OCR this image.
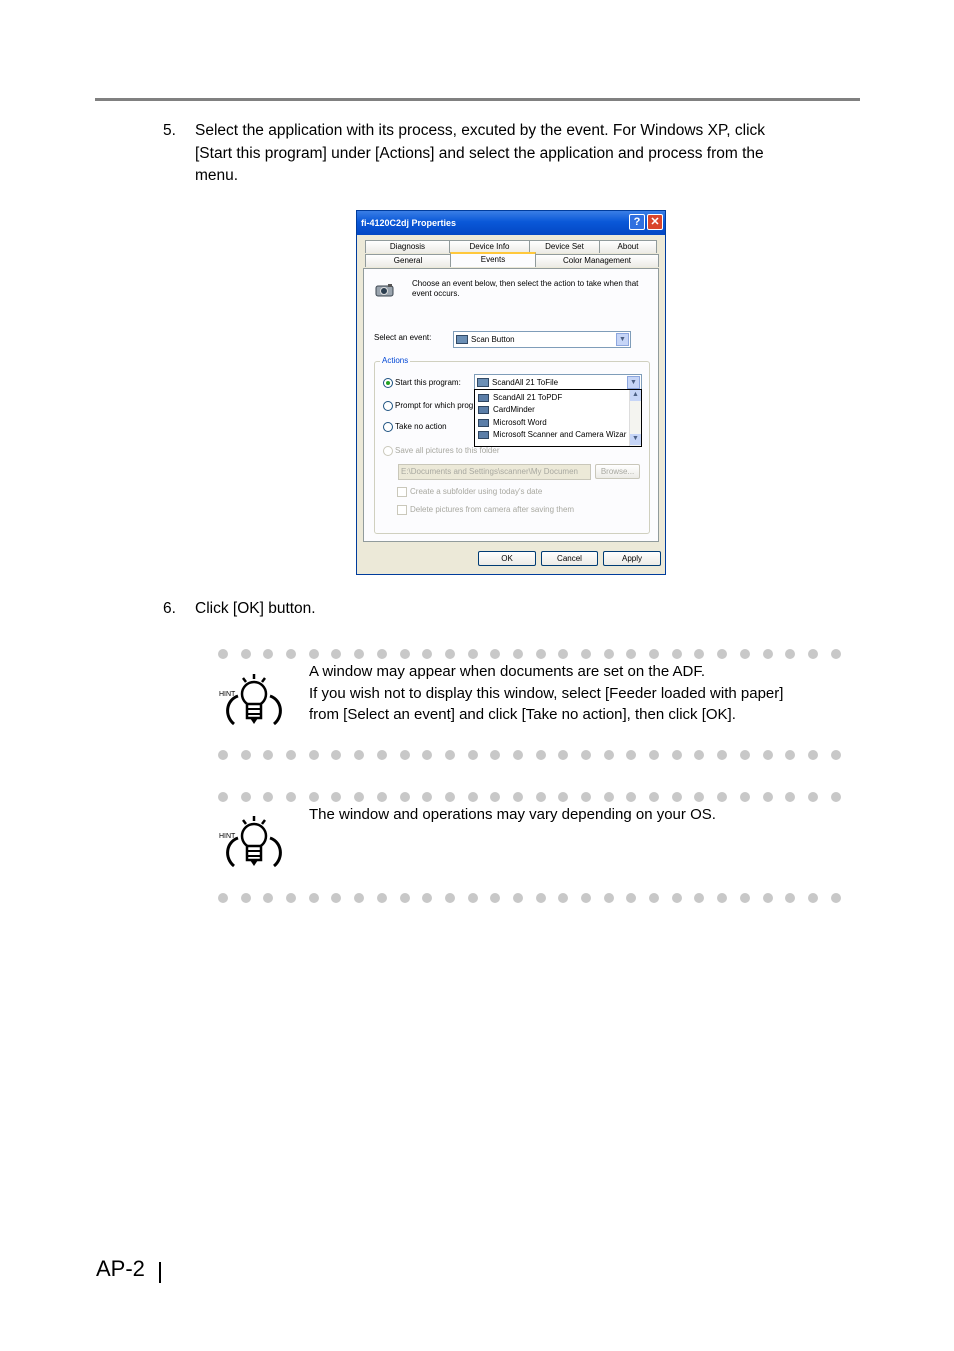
5. Select the application with its process, excuted by the event. For Windows XP, click
[Start this program] under [Actions] and select the application and process from the
menu.
fi-4120C2dj Properties	? ✕
Diagnosis	Device Info	Device Set	About
General	Events	Color Management
Choose an event below, then select the action to take when that
event occurs.
Select an event:	Scan Button	▼
Actions
Start this program:	ScandAll 21 ToFile	▼
Prompt for which prog
ScandAll 21 ToPDF
CardMinder
Microsoft Word
Microsoft Scanner and Camera Wizar
▲
▼
Take no action
Save all pictures to this folder
E:\Documents and Settings\scanner\My Documen	Browse...
Create a subfolder using today's date
Delete pictures from camera after saving them
OK	Cancel	Apply
6. Click [OK] button.
HINT
A window may appear when documents are set on the ADF.
If you wish not to display this window, select [Feeder loaded with paper]
from [Select an event] and click [Take no action], then click [OK].
HINT
The window and operations may vary depending on your OS.
AP-2
